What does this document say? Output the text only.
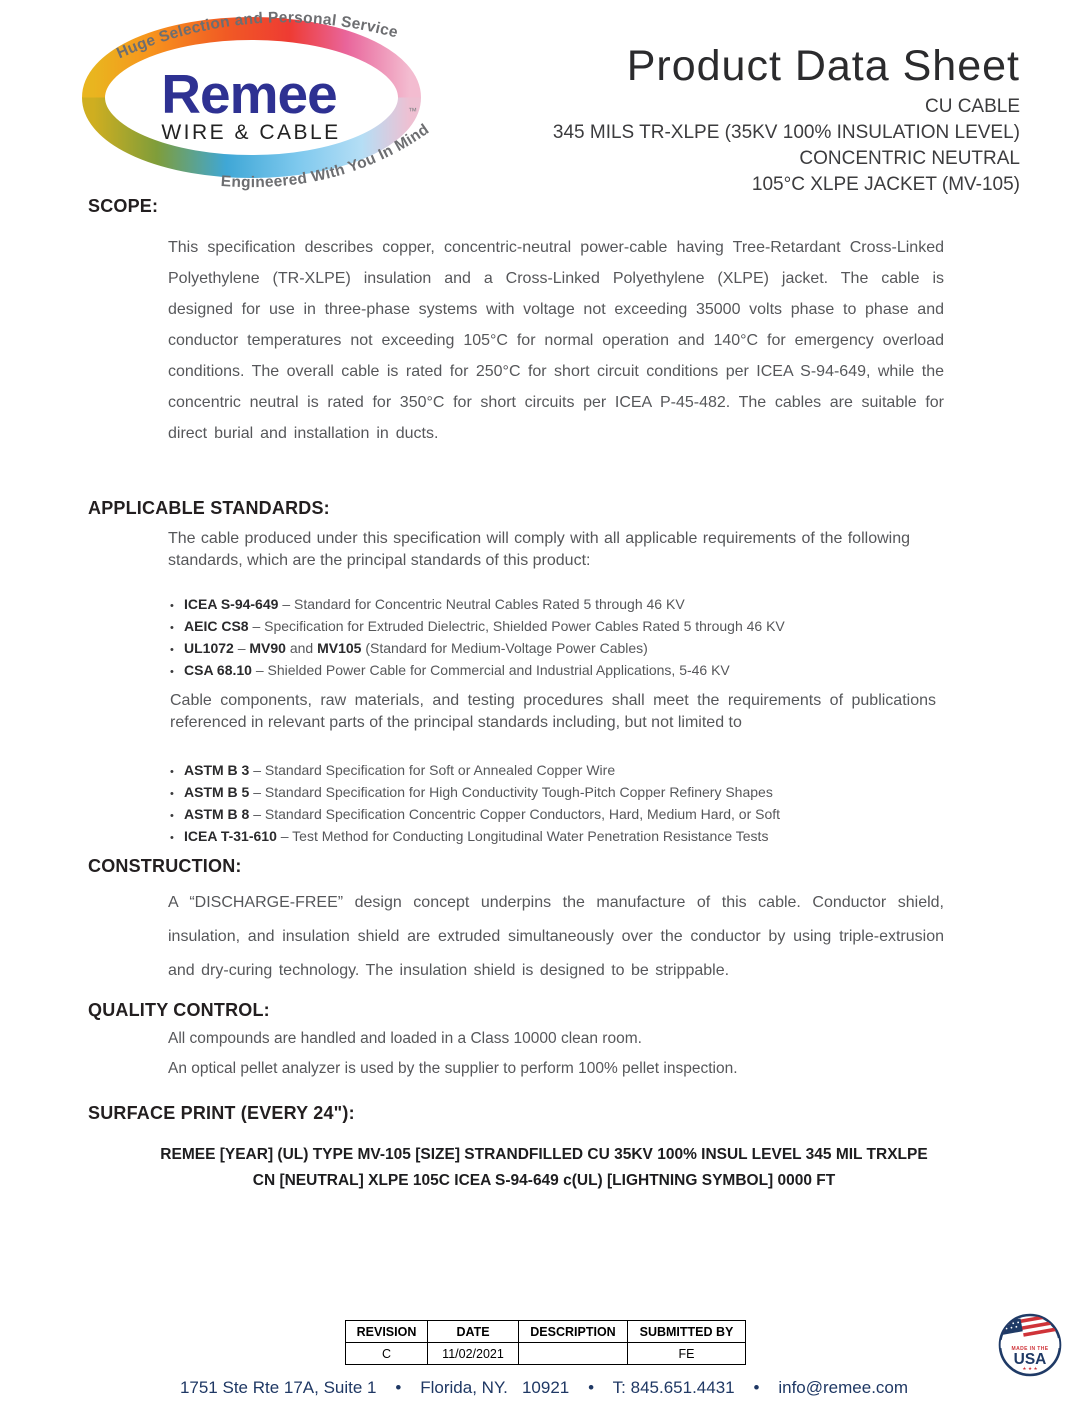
Huge Selection and Personal Service
Remee
WIRE & CABLE
™
Engineered With You In Mind
Product Data Sheet
CU CABLE
345 MILS TR-XLPE (35KV 100% INSULATION LEVEL)
CONCENTRIC NEUTRAL
105°C XLPE JACKET (MV-105)
SCOPE:
This specification describes copper, concentric-neutral power-cable having Tree-Retardant Cross-Linked Polyethylene (TR-XLPE) insulation and a Cross-Linked Polyethylene (XLPE) jacket. The cable is designed for use in three-phase systems with voltage not exceeding 35000 volts phase to phase and conductor temperatures not exceeding 105°C for normal operation and 140°C for emergency overload conditions. The overall cable is rated for 250°C for short circuit conditions per ICEA S-94-649, while the concentric neutral is rated for 350°C for short circuits per ICEA P-45-482. The cables are suitable for direct burial and installation in ducts.
APPLICABLE STANDARDS:
The cable produced under this specification will comply with all applicable requirements of the following standards, which are the principal standards of this product:
• ICEA S-94-649 – Standard for Concentric Neutral Cables Rated 5 through 46 KV
• AEIC CS8 – Specification for Extruded Dielectric, Shielded Power Cables Rated 5 through 46 KV
• UL1072 – MV90 and MV105 (Standard for Medium-Voltage Power Cables)
• CSA 68.10 – Shielded Power Cable for Commercial and Industrial Applications, 5-46 KV
Cable components, raw materials, and testing procedures shall meet the requirements of publications referenced in relevant parts of the principal standards including, but not limited to
• ASTM B 3 – Standard Specification for Soft or Annealed Copper Wire
• ASTM B 5 – Standard Specification for High Conductivity Tough-Pitch Copper Refinery Shapes
• ASTM B 8 – Standard Specification Concentric Copper Conductors, Hard, Medium Hard, or Soft
• ICEA T-31-610 – Test Method for Conducting Longitudinal Water Penetration Resistance Tests
CONSTRUCTION:
A “DISCHARGE-FREE” design concept underpins the manufacture of this cable. Conductor shield, insulation, and insulation shield are extruded simultaneously over the conductor by using triple-extrusion and dry-curing technology. The insulation shield is designed to be strippable.
QUALITY CONTROL:

All compounds are handled and loaded in a Class 10000 clean room.

An optical pellet analyzer is used by the supplier to perform 100% pellet inspection.

SURFACE PRINT (EVERY 24"):
REMEE [YEAR] (UL) TYPE MV-105 [SIZE] STRANDFILLED CU 35KV 100% INSUL LEVEL 345 MIL TRXLPE
CN [NEUTRAL] XLPE 105C ICEA S-94-649 c(UL) [LIGHTNING SYMBOL] 0000 FT
REVISION	DATE	DESCRIPTION	SUBMITTED BY
C	11/02/2021		FE	MADE IN THE
USA
★ ★ ★
1751 Ste Rte 17A, Suite 1    •    Florida, NY.   10921    •    T: 845.651.4431    •    info@remee.com
